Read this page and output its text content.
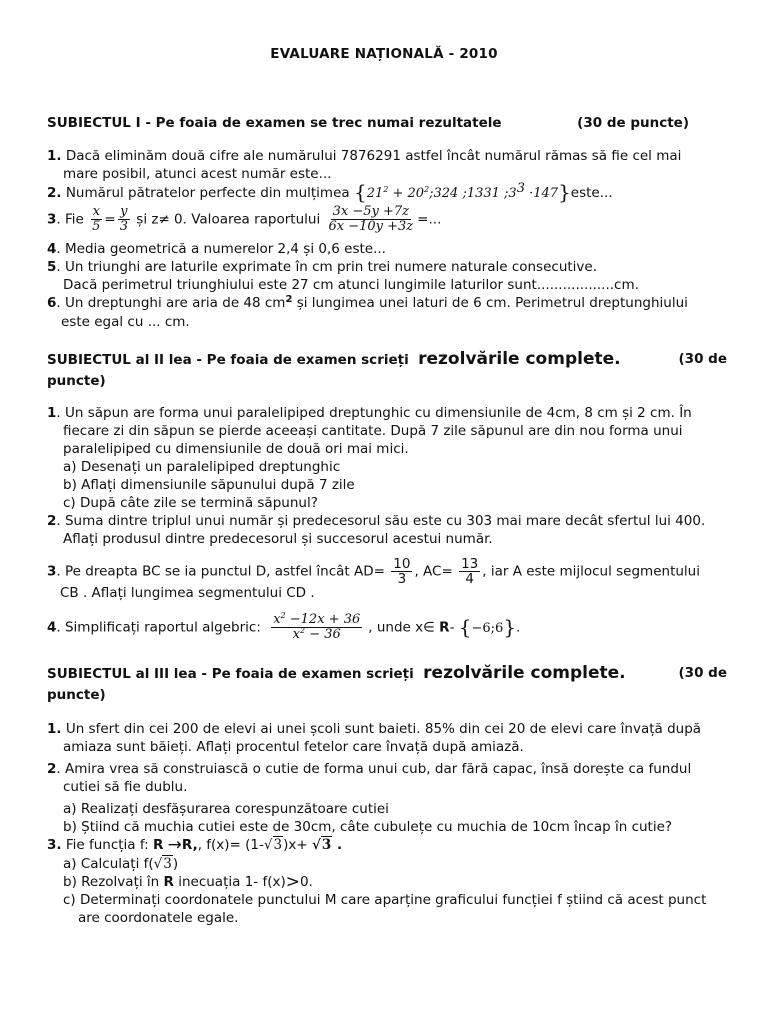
EVALUARE NAȚIONALĂ - 2010
SUBIECTUL I - Pe foaia de examen se trec numai rezultatele	(30 de puncte)
1. Dacă eliminăm două cifre ale numărului 7876291 astfel încât numărul rămas să fie cel mai
mare posibil, atunci acest număr este...
2. Numărul pătratelor perfecte din mulțimea {$21^2$ + $20^2;324$ ;1331 $;3^3$ ·147}este...
3. Fie $\frac{x}{5} = \frac{y}{3}$ și z≠ 0. Valoarea raportului $\frac{3x -5y +7z}{6x -10y +3z}$ =...
4. Media geometrică a numerelor 2,4 și 0,6 este...
5. Un triunghi are laturile exprimate în cm prin trei numere naturale consecutive.
Dacă perimetrul triunghiului este 27 cm atunci lungimile laturilor sunt..................cm.
6. Un dreptunghi are aria de 48 $cm^2$ și lungimea unei laturi de 6 cm. Perimetrul dreptunghiului
este egal cu ... cm.
SUBIECTUL al II lea - Pe foaia de examen scrieți rezolvările complete.	(30 de
puncte)
1. Un săpun are forma unui paralelipiped dreptunghic cu dimensiunile de 4cm, 8 cm și 2 cm. În
fiecare zi din săpun se pierde aceeași cantitate. După 7 zile săpunul are din nou forma unui
paralelipiped cu dimensiunile de două ori mai mici.
a) Desenați un paralelipiped dreptunghic
b) Aflați dimensiunile săpunului după 7 zile
c) După câte zile se termină săpunul?
2. Suma dintre triplul unui număr și predecesorul său este cu 303 mai mare decât sfertul lui 400.
Aflați produsul dintre predecesorul și succesorul acestui număr.
3. Pe dreapta BC se ia punctul D, astfel încât $AD= \frac{10}{3}$ , $AC= \frac{13}{4}$ , iar A este mijlocul segmentului
CB . Aflați lungimea segmentului CD .
4. Simplificați raportul algebric: $\frac{x^2 -12x + 36}{x^2 - 36}$ , unde x∈ R- {−6;6}.
SUBIECTUL al III lea - Pe foaia de examen scrieți rezolvările complete.	(30 de
puncte)
1. Un sfert din cei 200 de elevi ai unei școli sunt baieti. 85% din cei 20 de elevi care învață după
amiaza sunt băieți. Aflați procentul fetelor care învață după amiază.
2. Amira vrea să construiască o cutie de forma unui cub, dar fără capac, însă dorește ca fundul
cutiei să fie dublu.
a) Realizați desfășurarea corespunzătoare cutiei
b) Știind că muchia cutiei este de 30cm, câte cubulețe cu muchia de 10cm încap în cutie?
3. Fie funcția f: R →R,, f(x)= (1-√3)x+ √3 .
a) Calculați f(√3)
b) Rezolvați în R inecuația 1- f(x)>0.
c) Determinați coordonatele punctului M care aparține graficului funcției f știind că acest punct
are coordonatele egale.
